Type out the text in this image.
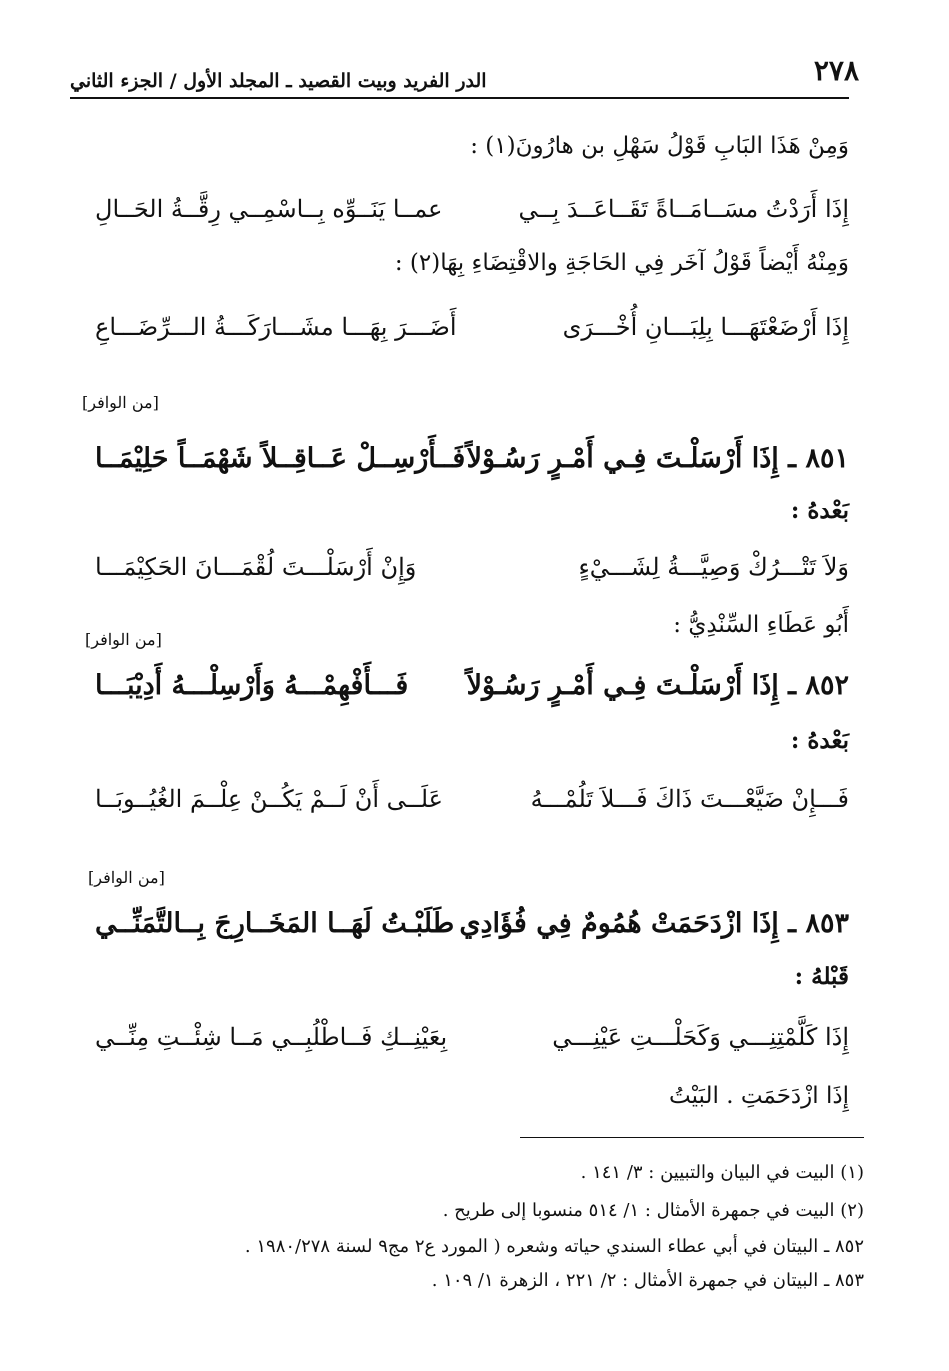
٢٧٨
الدر الفريد وبيت القصيد ـ المجلد الأول / الجزء الثاني
وَمِنْ هَذَا البَابِ قَوْلُ سَهْلِ بن هارُونَ(١) :
إِذَا أَرَدْتُ مسَــامَــاةً تَقَــاعَــدَ بِــي
عمــا يَنَــوِّه بِــاسْمِــي رِقَّــةُ الحَــالِ
وَمِنْهُ أَيْضاً قَوْلُ آخَر فِي الحَاجَةِ والاقْتِضَاءِ بِهَا(٢) :
إِذَا أَرْضَعْتَهَـــا بِلِبَـــانِ أُخْـــرَى
أَضَـــرَ بِهَـــا مشَـــارَكَـــةُ الـــرِّضَـــاعِ
[من الوافر]
٨٥١ ـ إِذَا أَرْسَلْـتَ فِـي أَمْـرٍ رَسُـوْلاً
فَــأَرْسِــلْ عَــاقِــلاً شَهْمَــاً حَلِيْمَــا
بَعْدهُ :
وَلاَ تَتْـــرُكْ وَصِيَّـــةُ لِشَـــيْءٍ
وَإِنْ أَرْسَلْـــتَ لُقْمَـــانَ الحَكِيْمَـــا
أَبُو عَطَاءِ السِّنْدِيُّ :
[من الوافر]
٨٥٢ ـ إِذَا أَرْسَلْـتَ فِـي أَمْـرٍ رَسُـوْلاً
فَـــأَفْهِمْـــهُ وَأَرْسِلْـــهُ أَدِيْبَـــا
بَعْدهُ :
فَـــإِنْ ضَيَّعْـــتَ ذَاكَ فَـــلاَ تَلُمْـــهُ
عَلَــى أَنْ لَــمْ يَكُــنْ عِلْــمَ الغُيُــوبَــا
[من الوافر]
٨٥٣ ـ إِذَا ازْدَحَمَتْ هُمُومٌ فِي فُؤَادِي
طَلَبْـتُ لَهَــا المَخَــارِجَ بِــالتَّمَنِّــي
قَبْلهُ :
إِذَا كَلَّمْتِنِـــي وَكَحَلْـــتِ عَيْنِـــي
بِعَيْنِــكِ فَــاطْلُبِــي مَــا شِئْــتِ مِنِّــي
إِذَا ازْدَحَمَتِ . البَيْتُ
(١) البيت في البيان والتبيين : ٣/ ١٤١ .
(٢) البيت في جمهرة الأمثال : ١/ ٥١٤ منسوبا إلى طريح .
٨٥٢ ـ البيتان في أبي عطاء السندي حياته وشعره ( المورد ع٢ مج٩ لسنة ١٩٨٠/٢٧٨ .
٨٥٣ ـ البيتان في جمهرة الأمثال : ٢/ ٢٢١ ، الزهرة ١/ ١٠٩ .
